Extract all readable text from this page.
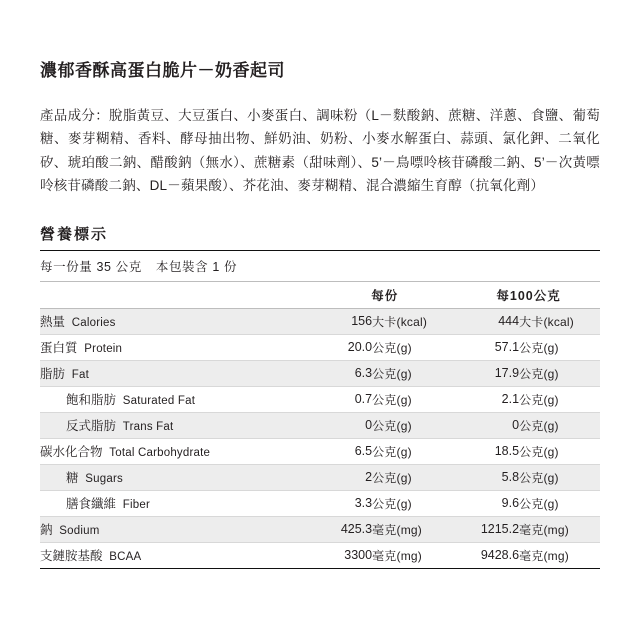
濃郁香酥高蛋白脆片－奶香起司

產品成分：脫脂黃豆、大豆蛋白、小麥蛋白、調味粉（L－麩酸鈉、蔗糖、洋蔥、食鹽、葡萄糖、麥芽糊精、香料、酵母抽出物、鮮奶油、奶粉、小麥水解蛋白、蒜頭、氯化鉀、二氧化矽、琥珀酸二鈉、醋酸鈉（無水）、蔗糖素（甜味劑）、5’－鳥嘌呤核苷磷酸二鈉、5’－次黃嘌呤核苷磷酸二鈉、DL－蘋果酸）、芥花油、麥芽糊精、混合濃縮生育醇（抗氧化劑）

營養標示
每一份量 35 公克 本包裝含 1 份
	每份			每100公克	
熱量  Calories	156	大卡(kcal)		444	大卡(kcal)
蛋白質  Protein	20.0	公克(g)		57.1	公克(g)
脂肪  Fat	6.3	公克(g)		17.9	公克(g)
飽和脂肪  Saturated Fat	0.7	公克(g)		2.1	公克(g)
反式脂肪  Trans Fat	0	公克(g)		0	公克(g)
碳水化合物  Total Carbohydrate	6.5	公克(g)		18.5	公克(g)
糖  Sugars	2	公克(g)		5.8	公克(g)
膳食纖維  Fiber	3.3	公克(g)		9.6	公克(g)
鈉  Sodium	425.3	毫克(mg)		1215.2	毫克(mg)
支鏈胺基酸  BCAA	3300	毫克(mg)		9428.6	毫克(mg)
